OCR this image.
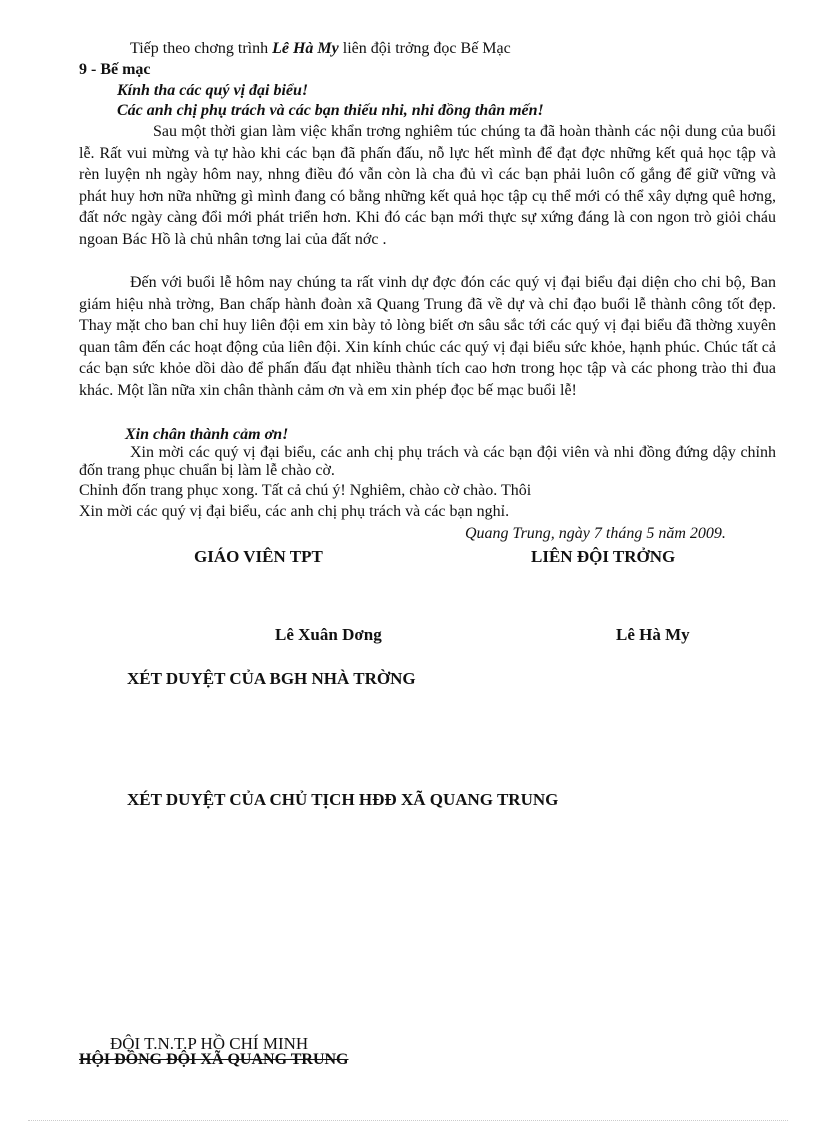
Tiếp theo chơng trình Lê Hà My liên đội trởng đọc Bế Mạc
9 - Bế mạc
Kính tha các quý vị đại biểu!
Các anh chị phụ trách và các bạn thiếu nhi, nhi đồng thân mến!
Sau một thời gian làm việc khẩn trơng nghiêm túc chúng ta đã hoàn thành các nội dung của buổi lễ. Rất vui mừng và tự hào khi các bạn đã phấn đấu, nỗ lực hết mình để đạt đợc những kết quả học tập và rèn luyện nh ngày hôm nay, nhng điều đó vẫn còn là cha đủ vì các bạn phải luôn cố gắng để giữ vững và phát huy hơn nữa những gì mình đang có bằng những kết quả học tập cụ thể mới có thể xây dựng quê hơng, đất nớc ngày càng đổi mới phát triển hơn. Khi đó các bạn mới thực sự xứng đáng là con ngon trò giỏi cháu ngoan Bác Hồ là chủ nhân tơng lai của đất nớc .
Đến với buổi lễ hôm nay chúng ta rất vinh dự đợc đón các quý vị đại biểu đại diện cho chi bộ, Ban giám hiệu nhà trờng, Ban chấp hành đoàn xã Quang Trung đã về dự và chỉ đạo buổi lễ thành công tốt đẹp. Thay mặt cho ban chỉ huy liên đội em xin bày tỏ lòng biết ơn sâu sắc tới các quý vị đại biểu đã thờng xuyên quan tâm đến các hoạt động của liên đội. Xin kính chúc các quý vị đại biểu sức khỏe, hạnh phúc. Chúc tất cả các bạn sức khỏe dồi dào để phấn đấu đạt nhiều thành tích cao hơn trong học tập và các phong trào thi đua khác. Một lần nữa xin chân thành cảm ơn và em xin phép đọc bế mạc buổi lễ!
Xin chân thành cảm ơn!
Xin mời các quý vị đại biểu, các anh chị phụ trách và các bạn đội viên và nhi đồng đứng dậy chỉnh đốn trang phục chuẩn bị làm lễ chào cờ.
Chỉnh đốn trang phục xong. Tất cả chú ý! Nghiêm, chào cờ chào. Thôi
Xin mời các quý vị đại biểu, các anh chị phụ trách và các bạn nghỉ.
Quang Trung, ngày 7 tháng 5 năm 2009.
GIÁO VIÊN TPT	LIÊN ĐỘI TRỞNG
Lê Xuân Dơng	Lê Hà My
XÉT DUYỆT CỦA BGH NHÀ TRỜNG
XÉT DUYỆT CỦA CHỦ TỊCH HĐĐ XÃ QUANG TRUNG
ĐỘI T.N.T.P HỒ CHÍ MINH
HỘI ĐỒNG ĐỘI XÃ QUANG TRUNG
